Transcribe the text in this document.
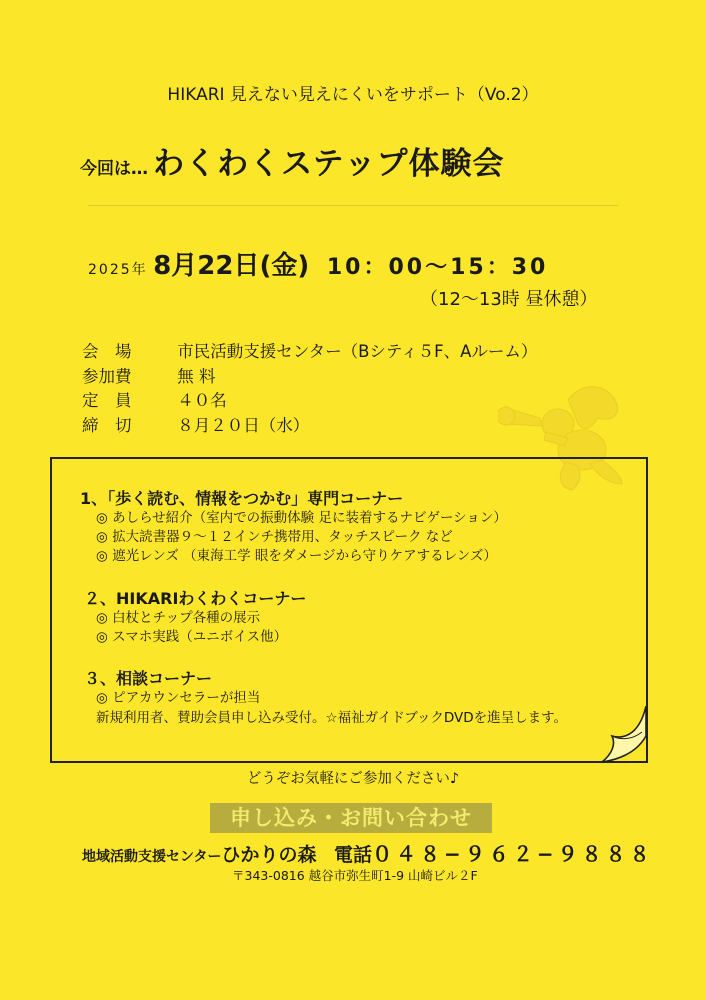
HIKARI 見えない見えにくいをサポート（Vo.2）
今回は… わくわくステップ体験会
2025年 8月22日(金) 10：00〜15：30
（12〜13時 昼休憩）
会　場	市民活動支援センター（Bシティ５F、Aルーム）
参加費	無 料
定　員	４０名
締　切	８月２０日（水）
1、「歩く読む、情報をつかむ」専門コーナー
◎ あしらせ紹介（室内での振動体験 足に装着するナビゲーション）
◎ 拡大読書器９〜１２インチ携帯用、タッチスピーク など
◎ 遮光レンズ （東海工学 眼をダメージから守りケアするレンズ）
２、HIKARIわくわくコーナー
◎ 白杖とチップ各種の展示
◎ スマホ実践（ユニボイス他）
３、相談コーナー
◎ ピアカウンセラーが担当
新規利用者、賛助会員申し込み受付。☆福祉ガイドブックDVDを進呈します。
どうぞお気軽にご参加ください♪
申し込み・お問い合わせ
地域活動支援センターひかりの森 電話０４８−９６２−９８８８
〒343-0816 越谷市弥生町1-9 山崎ビル２F
